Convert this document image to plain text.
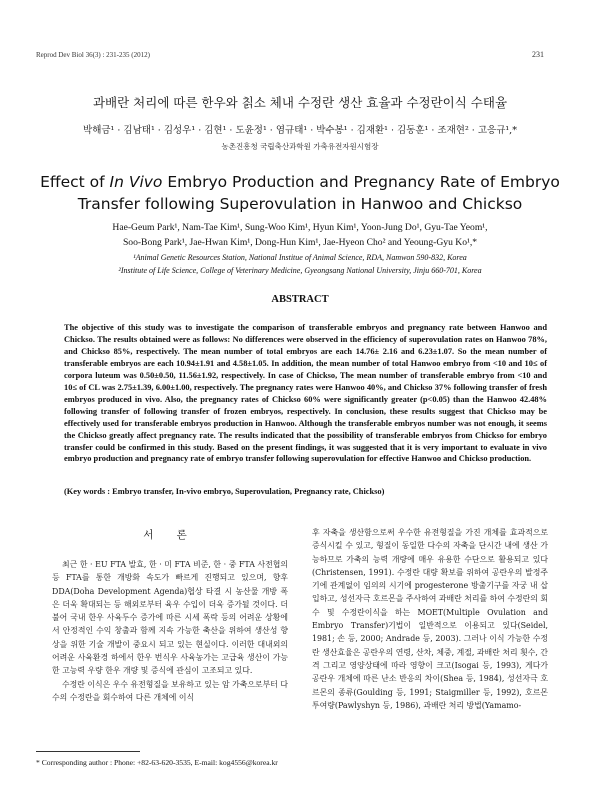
Reprod Dev Biol 36(3) : 231-235 (2012)	231
과배란 처리에 따른 한우와 칡소 체내 수정란 생산 효율과 수정란이식 수태율
박해금¹ · 김남태¹ · 김성우¹ · 김현¹ · 도윤정¹ · 염규태¹ · 박수봉¹ · 김재환¹ · 김동훈¹ · 조재현² · 고응규¹,*
농촌진흥청 국립축산과학원 가축유전자원시험장
Effect of In Vivo Embryo Production and Pregnancy Rate of Embryo
Transfer following Superovulation in Hanwoo and Chickso
Hae-Geum Park¹, Nam-Tae Kim¹, Sung-Woo Kim¹, Hyun Kim¹, Yoon-Jung Do¹, Gyu-Tae Yeom¹,
Soo-Bong Park¹, Jae-Hwan Kim¹, Dong-Hun Kim¹, Jae-Hyeon Cho² and Yeoung-Gyu Ko¹,*
¹Animal Genetic Resources Station, National Institue of Animal Science, RDA, Namwon 590-832, Korea
²Institute of Life Science, College of Veterinary Medicine, Gyeongsang National University, Jinju 660-701, Korea
ABSTRACT

The objective of this study was to investigate the comparison of transferable embryos and pregnancy rate between Hanwoo and Chickso. The results obtained were as follows: No differences were observed in the efficiency of superovulation rates on Hanwoo 78%, and Chickso 85%, respectively. The mean number of total embryos are each 14.76± 2.16 and 6.23±1.07. So the mean number of transferable embryos are each 10.94±1.91 and 4.58±1.05. In addition, the mean number of total Hanwoo embryo from <10 and 10≤ of corpora luteum was 0.50±0.50, 11.56±1.92, respectively. In case of Chickso, The mean number of transferable embryo from <10 and 10≤ of CL was 2.75±1.39, 6.00±1.00, respectively. The pregnancy rates were Hanwoo 40%, and Chickso 37% following transfer of fresh embryos produced in vivo. Also, the pregnancy rates of Chickso 60% were significantly greater (p<0.05) than the Hanwoo 42.48% following transfer of following transfer of frozen embryos, respectively. In conclusion, these results suggest that Chickso may be effectively used for transferable embryos production in Hanwoo. Although the transferable embryos number was not enough, it seems the Chickso greatly affect pregnancy rate. The results indicated that the possibility of transferable embryos from Chickso for embryo transfer could be confirmed in this study. Based on the present findings, it was suggested that it is very important to evaluate in vivo embryo production and pregnancy rate of embryo transfer following superovulation for effective Hanwoo and Chickso production.

(Key words : Embryo transfer, In-vivo embryo, Superovulation, Pregnancy rate, Chickso)
서 론

최근 한 · EU FTA 발효, 한 · 미 FTA 비준, 한 · 중 FTA 사전협의 등 FTA를 통한 개방화 속도가 빠르게 진행되고 있으며, 향후 DDA(Doha Development Agenda)협상 타결 시 농산물 개방 폭은 더욱 확대되는 등 해외로부터 육우 수입이 더욱 증가될 것이다. 더불어 국내 한우 사육두수 증가에 따른 시세 폭락 등의 어려운 상황에서 안정적인 수익 창출과 함께 지속 가능한 축산을 위하여 생산성 향상을 위한 기술 개발이 중요시 되고 있는 현실이다. 이러한 대내외의 어려운 사육환경 하에서 한우 번식우 사육농가는 고급육 생산이 가능한 고능력 우량 한우 개량 및 증식에 관심이 고조되고 있다.

수정란 이식은 우수 유전형질을 보유하고 있는 암 가축으로부터 다수의 수정란을 회수하여 다른 개체에 이식

후 자축을 생산함으로써 우수한 유전형질을 가진 개체를 효과적으로 증식시킬 수 있고, 형질이 동일한 다수의 자축을 단시간 내에 생산 가능하므로 가축의 능력 개량에 매우 유용한 수단으로 활용되고 있다(Christensen, 1991). 수정란 대량 확보를 위하여 공란우의 발정주기에 관계없이 임의의 시기에 progesterone 방출기구를 자궁 내 삽입하고, 성선자극 호르몬을 주사하여 과배란 처리를 하여 수정란의 회수 및 수정란이식을 하는 MOET(Multiple Ovulation and Embryo Transfer)기법이 일반적으로 이용되고 있다(Seidel, 1981; 손 등, 2000; Andrade 등, 2003). 그러나 이식 가능한 수정란 생산효율은 공란우의 연령, 산차, 체중, 계절, 과배란 처리 횟수, 간격 그리고 영양상태에 따라 영향이 크고(Isogai 등, 1993), 게다가 공란우 개체에 따른 난소 반응의 차이(Shea 등, 1984), 성선자극 호르몬의 종류(Goulding 등, 1991; Staigmiller 등, 1992), 호르몬 투여량(Pawlyshyn 등, 1986), 과배란 처리 방법(Yamamo-

* Corresponding author : Phone: +82-63-620-3535, E-mail: kog4556@korea.kr
